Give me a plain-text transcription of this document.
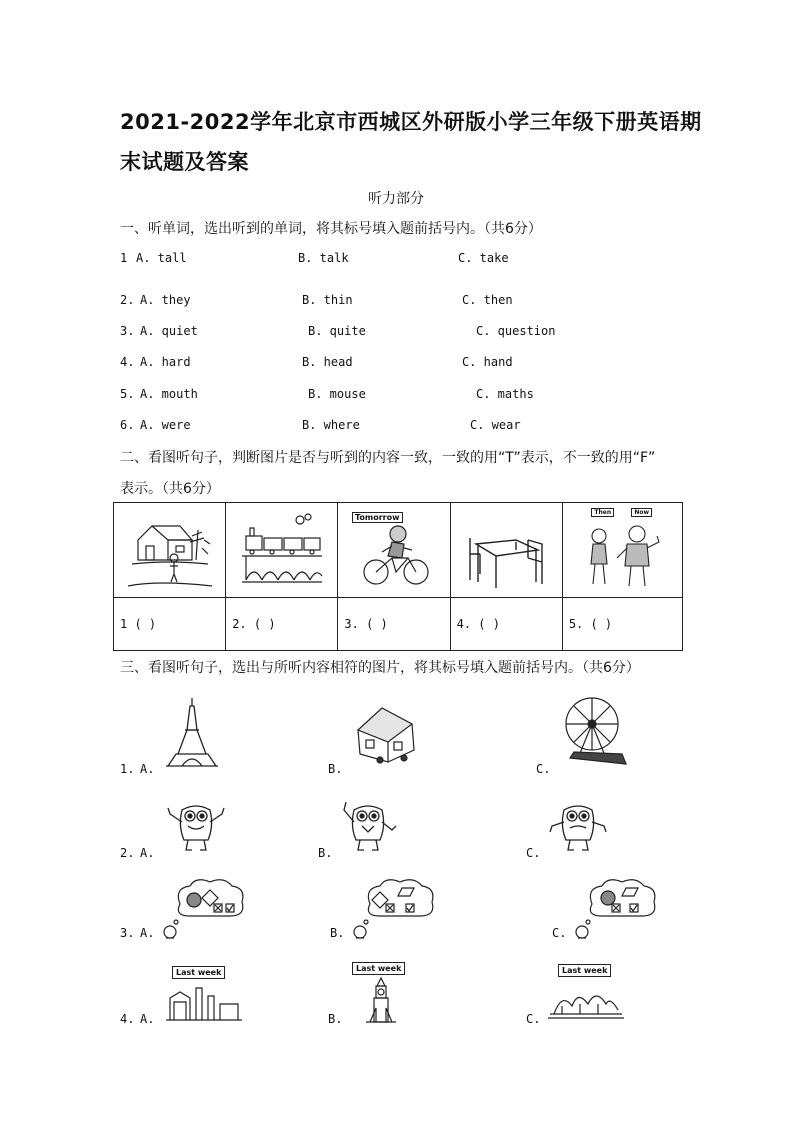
2021-2022学年北京市西城区外研版小学三年级下册英语期
末试题及答案
听力部分
一、听单词，选出听到的单词，将其标号填入题前括号内。（共6分）
1 A. tall	B. talk	C. take
2. A. they	B. thin	C. then
3. A. quiet	B. quite	C. question
4. A. hard	B. head	C. hand
5. A. mouth	B. mouse	C. maths
6. A. were	B. where	C. wear
二、看图听句子，判断图片是否与听到的内容一致，一致的用“T”表示，不一致的用“F”
表示。（共6分）

Tomorrow		Then Now

1 ( )	2. ( )	3. ( )	4. ( )	5. ( )
三、看图听句子，选出与所听内容相符的图片，将其标号填入题前括号内。（共6分）
1. A.	B.	C.
2. A.	B.	C.
3. A.	B.	C.
4. A.
Last week
B.
Last week
C.
Last week
